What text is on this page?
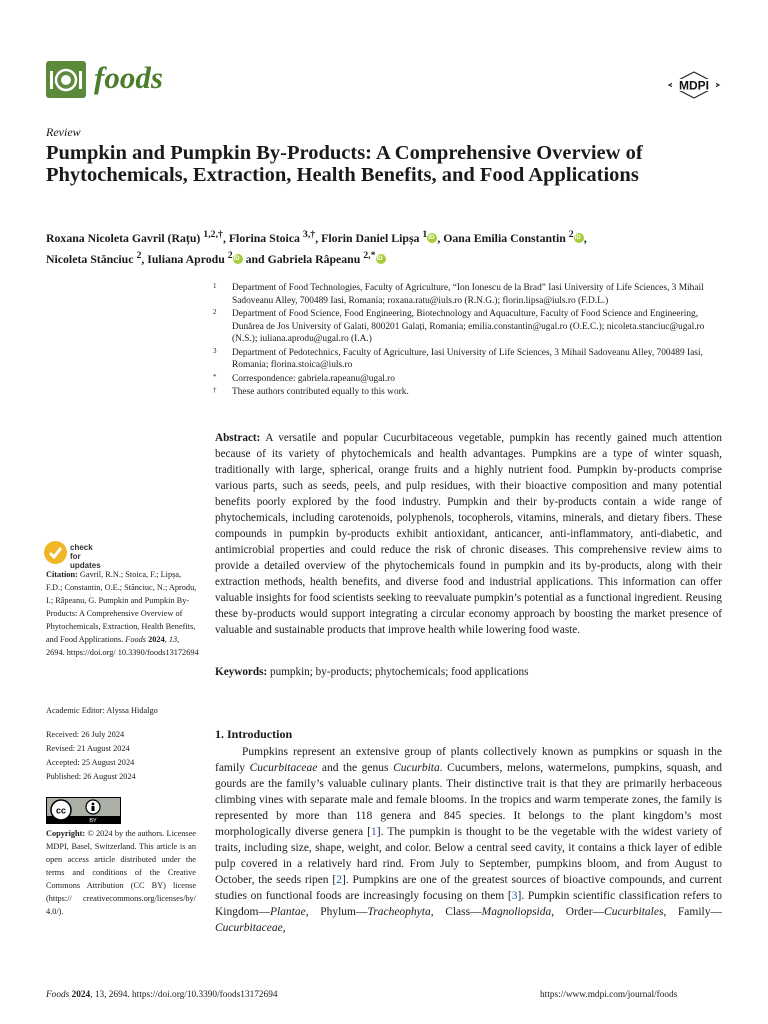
foods	MDPI
Review
Pumpkin and Pumpkin By-Products: A Comprehensive Overview of Phytochemicals, Extraction, Health Benefits, and Food Applications
Roxana Nicoleta Gavril (Rațu) $^{1,2,\dagger}$, Florina Stoica $^{3,\dagger}$, Florin Daniel Lipșa $^1$ iD , Oana Emilia Constantin $^2$ iD ,
Nicoleta Stănciuc $^2$, Iuliana Aprodu $^2$iD and Gabriela Râpeanu $^{2,*}$iD
1 Department of Food Technologies, Faculty of Agriculture, “Ion Ionescu de la Brad” Iasi University of Life Sciences, 3 Mihail Sadoveanu Alley, 700489 Iasi, Romania; roxana.ratu@iuls.ro (R.N.G.); florin.lipsa@iuls.ro (F.D.L.)
2 Department of Food Science, Food Engineering, Biotechnology and Aquaculture, Faculty of Food Science and Engineering, Dunărea de Jos University of Galati, 800201 Galați, Romania; emilia.constantin@ugal.ro (O.E.C.); nicoleta.stanciuc@ugal.ro (N.S.); iuliana.aprodu@ugal.ro (I.A.)
3 Department of Pedotechnics, Faculty of Agriculture, Iasi University of Life Sciences, 3 Mihail Sadoveanu Alley, 700489 Iasi, Romania; florina.stoica@iuls.ro
* Correspondence: gabriela.rapeanu@ugal.ro
† These authors contributed equally to this work.
Abstract: A versatile and popular Cucurbitaceous vegetable, pumpkin has recently gained much attention because of its variety of phytochemicals and health advantages. Pumpkins are a type of winter squash, traditionally with large, spherical, orange fruits and a highly nutrient food. Pumpkin by-products comprise various parts, such as seeds, peels, and pulp residues, with their bioactive composition and many potential benefits poorly explored by the food industry. Pumpkin and their by-products contain a wide range of phytochemicals, including carotenoids, polyphenols, tocopherols, vitamins, minerals, and dietary fibers. These compounds in pumpkin by-products exhibit antioxidant, anticancer, anti-inflammatory, anti-diabetic, and antimicrobial properties and could reduce the risk of chronic diseases. This comprehensive review aims to provide a detailed overview of the phytochemicals found in pumpkin and its by-products, along with their extraction methods, health benefits, and diverse food and industrial applications. This information can offer valuable insights for food scientists seeking to reevaluate pumpkin’s potential as a functional ingredient. Reusing these by-products would support integrating a circular economy approach by boosting the market presence of valuable and sustainable products that improve health while lowering food waste.
Keywords: pumpkin; by-products; phytochemicals; food applications
check for
updates
Citation: Gavril, R.N.; Stoica, F.; Lipșa, F.D.; Constantin, O.E.; Stănciuc, N.; Aprodu, I.; Râpeanu, G. Pumpkin and Pumpkin By-Products: A Comprehensive Overview of Phytochemicals, Extraction, Health Benefits, and Food Applications. Foods 2024, 13, 2694. https://doi.org/ 10.3390/foods13172694
Academic Editor: Alyssa Hidalgo
Received: 26 July 2024
Revised: 21 August 2024
Accepted: 25 August 2024
Published: 26 August 2024
cc
BY
Copyright: © 2024 by the authors. Licensee MDPI, Basel, Switzerland. This article is an open access article distributed under the terms and conditions of the Creative Commons Attribution (CC BY) license (https:// creativecommons.org/licenses/by/ 4.0/).
1. Introduction
Pumpkins represent an extensive group of plants collectively known as pumpkins or squash in the family Cucurbitaceae and the genus Cucurbita. Cucumbers, melons, watermelons, pumpkins, squash, and gourds are the family’s valuable culinary plants. Their distinctive trait is that they are primarily herbaceous climbing vines with separate male and female blooms. In the tropics and warm temperate zones, the family is represented by more than 118 genera and 845 species. It belongs to the plant kingdom’s most morphologically diverse genera [1]. The pumpkin is thought to be the vegetable with the widest variety of traits, including size, shape, weight, and color. Below a central seed cavity, it contains a thick layer of edible pulp covered in a relatively hard rind. From July to September, pumpkins bloom, and from August to October, the seeds ripen [2]. Pumpkins are one of the greatest sources of bioactive compounds, and current studies on functional foods are increasingly focusing on them [3]. Pumpkin scientific classification refers to Kingdom—Plantae, Phylum—Tracheophyta, Class—Magnoliopsida, Order—Cucurbitales, Family—Cucurbitaceae,
Foods 2024, 13, 2694. https://doi.org/10.3390/foods13172694	https://www.mdpi.com/journal/foods
